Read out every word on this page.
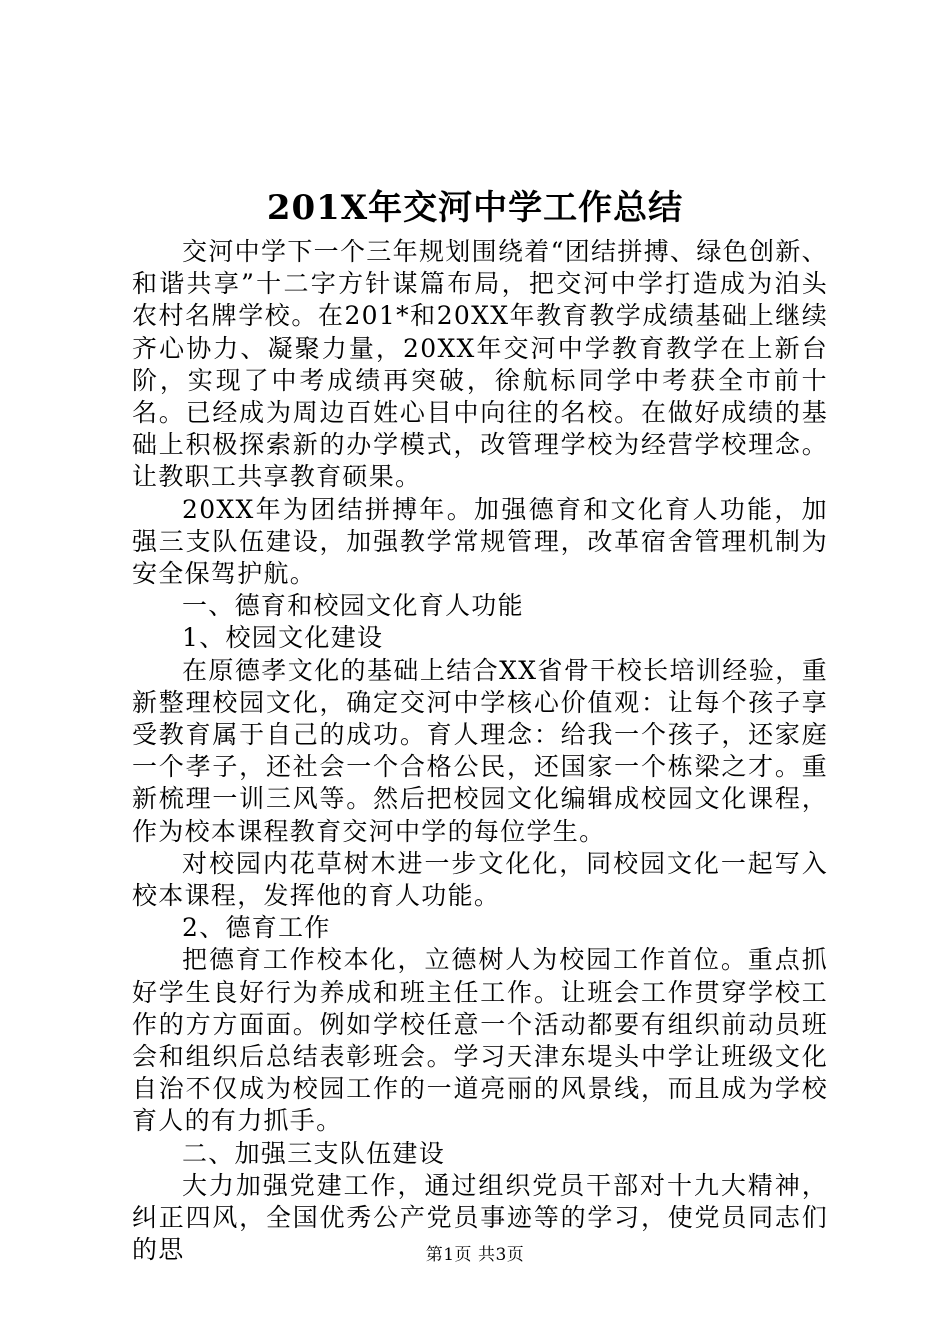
201X年交河中学工作总结

交河中学下一个三年规划围绕着“团结拼搏、绿色创新、和谐共享”十二字方针谋篇布局，把交河中学打造成为泊头农村名牌学校。在201*和20XX年教育教学成绩基础上继续齐心协力、凝聚力量，20XX年交河中学教育教学在上新台阶，实现了中考成绩再突破，徐航标同学中考获全市前十名。已经成为周边百姓心目中向往的名校。在做好成绩的基础上积极探索新的办学模式，改管理学校为经营学校理念。让教职工共享教育硕果。

20XX年为团结拼搏年。加强德育和文化育人功能，加强三支队伍建设，加强教学常规管理，改革宿舍管理机制为安全保驾护航。

一、德育和校园文化育人功能

1、校园文化建设

在原德孝文化的基础上结合XX省骨干校长培训经验，重新整理校园文化，确定交河中学核心价值观：让每个孩子享受教育属于自己的成功。育人理念：给我一个孩子，还家庭一个孝子，还社会一个合格公民，还国家一个栋梁之才。重新梳理一训三风等。然后把校园文化编辑成校园文化课程，作为校本课程教育交河中学的每位学生。

对校园内花草树木进一步文化化，同校园文化一起写入校本课程，发挥他的育人功能。

2、德育工作

把德育工作校本化，立德树人为校园工作首位。重点抓好学生良好行为养成和班主任工作。让班会工作贯穿学校工作的方方面面。例如学校任意一个活动都要有组织前动员班会和组织后总结表彰班会。学习天津东堤头中学让班级文化自治不仅成为校园工作的一道亮丽的风景线，而且成为学校育人的有力抓手。

二、加强三支队伍建设

大力加强党建工作，通过组织党员干部对十九大精神，纠正四风，全国优秀公产党员事迹等的学习，使党员同志们的思	第1页 共3页
